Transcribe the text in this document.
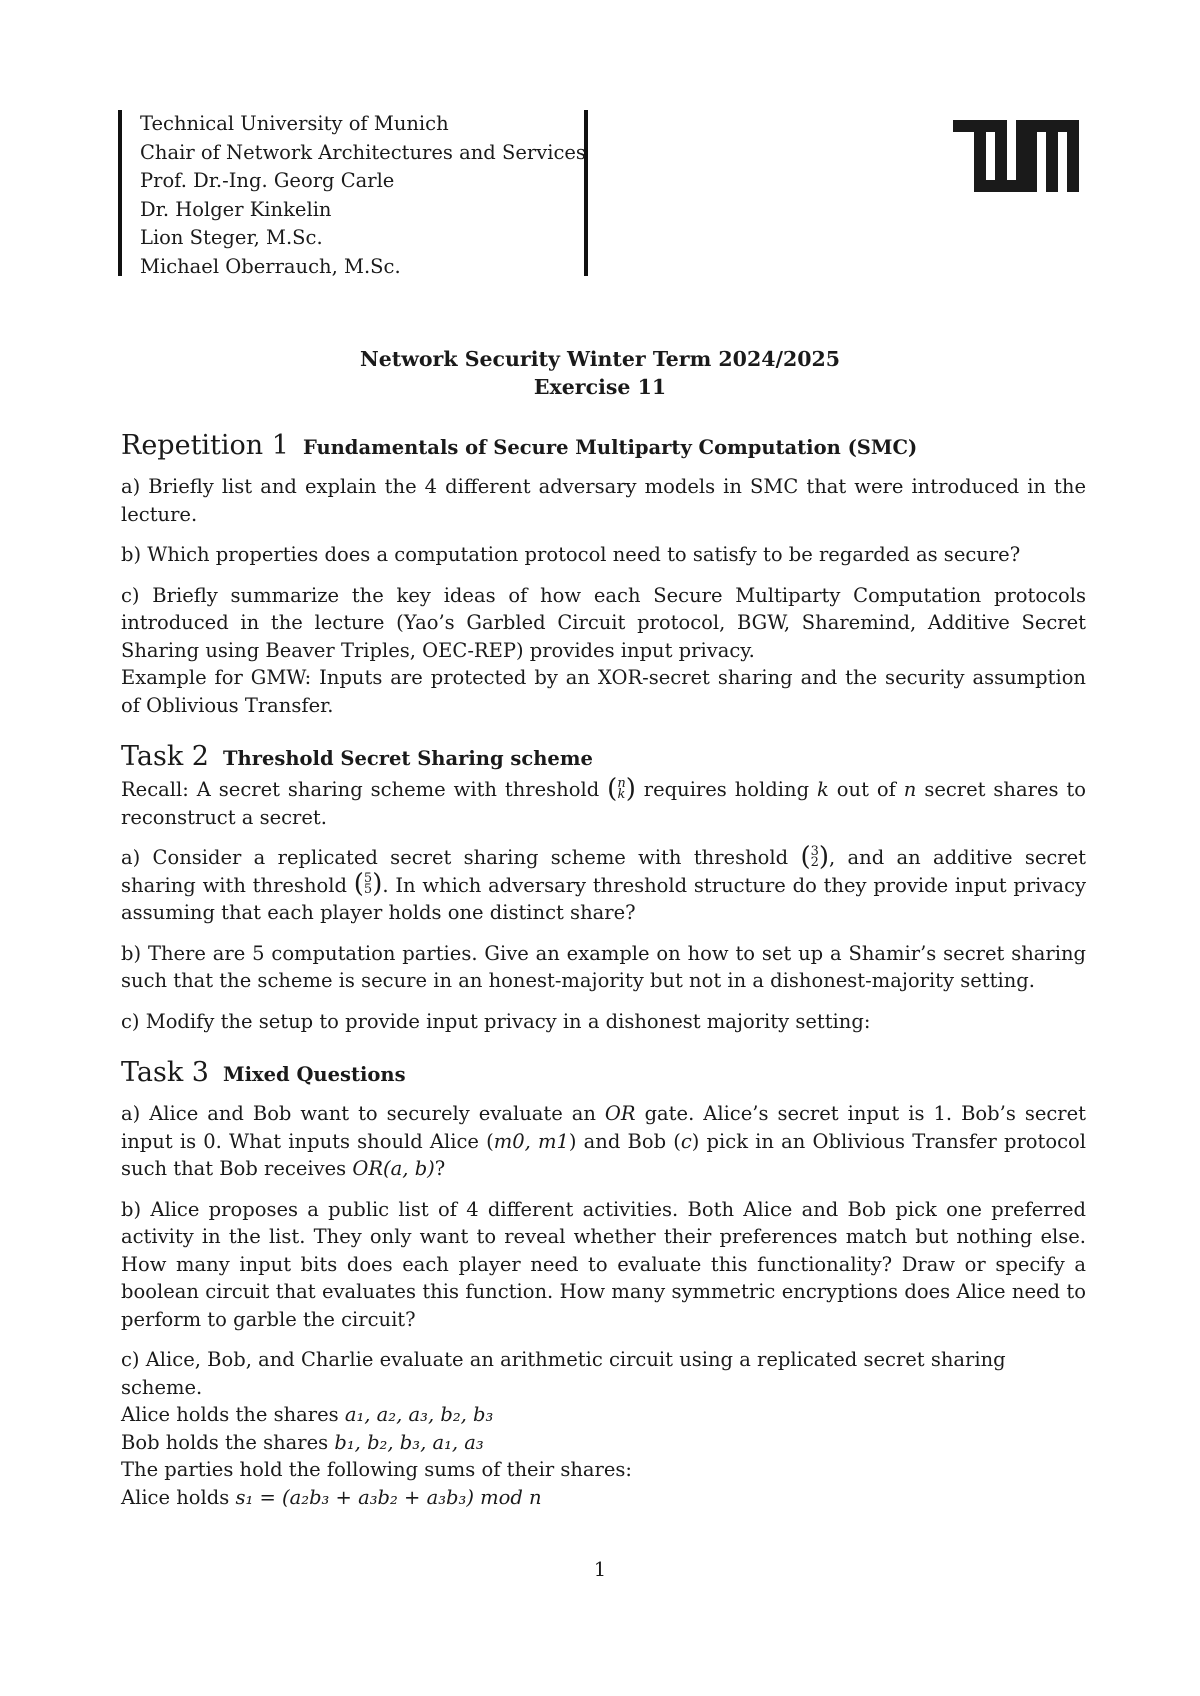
Technical University of Munich
Chair of Network Architectures and Services
Prof. Dr.-Ing. Georg Carle
Dr. Holger Kinkelin
Lion Steger, M.Sc.
Michael Oberrauch, M.Sc.
Network Security Winter Term 2024/2025
Exercise 11
Repetition 1 Fundamentals of Secure Multiparty Computation (SMC)

a) Briefly list and explain the 4 different adversary models in SMC that were introduced in the lecture.

b) Which properties does a computation protocol need to satisfy to be regarded as secure?

c) Briefly summarize the key ideas of how each Secure Multiparty Computation protocols introduced in the lecture (Yao’s Garbled Circuit protocol, BGW, Sharemind, Additive Secret Sharing using Beaver Triples, OEC-REP) provides input privacy.

Example for GMW: Inputs are protected by an XOR-secret sharing and the security assumption of Oblivious Transfer.

Task 2 Threshold Secret Sharing scheme

Recall: A secret sharing scheme with threshold (n
k) requires holding k out of n secret shares to reconstruct a secret.

a) Consider a replicated secret sharing scheme with threshold (3
2), and an additive secret sharing with threshold (5
5). In which adversary threshold structure do they provide input privacy assuming that each player holds one distinct share?

b) There are 5 computation parties. Give an example on how to set up a Shamir’s secret sharing such that the scheme is secure in an honest-majority but not in a dishonest-majority setting.

c) Modify the setup to provide input privacy in a dishonest majority setting:

Task 3 Mixed Questions

a) Alice and Bob want to securely evaluate an OR gate. Alice’s secret input is 1. Bob’s secret input is 0. What inputs should Alice (m0, m1) and Bob (c) pick in an Oblivious Transfer protocol such that Bob receives OR(a, b)?

b) Alice proposes a public list of 4 different activities. Both Alice and Bob pick one preferred activity in the list. They only want to reveal whether their preferences match but nothing else. How many input bits does each player need to evaluate this functionality? Draw or specify a boolean circuit that evaluates this function. How many symmetric encryptions does Alice need to perform to garble the circuit?

c) Alice, Bob, and Charlie evaluate an arithmetic circuit using a replicated secret sharing scheme.
Alice holds the shares a₁, a₂, a₃, b₂, b₃
Bob holds the shares b₁, b₂, b₃, a₁, a₃
The parties hold the following sums of their shares:
Alice holds s₁ = (a₂b₃ + a₃b₂ + a₃b₃) mod n
1
